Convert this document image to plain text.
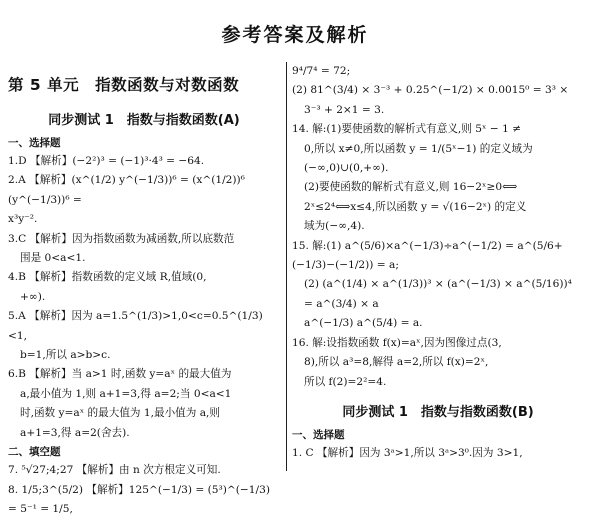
参考答案及解析
第 5 单元　指数函数与对数函数
同步测试 1　指数与指数函数(A)
一、选择题
1.D 【解析】(−2²)³ = (−1)³·4³ = −64.
2.A 【解析】(x^(1/2) y^(−1/3))⁶ = (x^(1/2))⁶ (y^(−1/3))⁶ =
x³y⁻².
3.C 【解析】因为指数函数为减函数,所以底数范
围是 0<a<1.
4.B 【解析】指数函数的定义域 R,值域(0,
+∞).
5.A 【解析】因为 a=1.5^(1/3)>1,0<c=0.5^(1/3)<1,
b=1,所以 a>b>c.
6.B 【解析】当 a>1 时,函数 y=aˣ 的最大值为
a,最小值为 1,则 a+1=3,得 a=2;当 0<a<1
时,函数 y=aˣ 的最大值为 1,最小值为 a,则
a+1=3,得 a=2(舍去).
二、填空题
7. ⁵√27;4;27 【解析】由 n 次方根定义可知.
8. 1/5;3^(5/2) 【解析】125^(−1/3) = (5³)^(−1/3) = 5⁻¹ = 1/5,
9⁴/7⁴ = 72;
(2) 81^(3/4) × 3⁻³ + 0.25^(−1/2) × 0.0015⁰ = 3³ ×
3⁻³ + 2×1 = 3.
14. 解:(1)要使函数的解析式有意义,则 5ˣ − 1 ≠
0,所以 x≠0,所以函数 y = 1/(5ˣ−1) 的定义域为
(−∞,0)∪(0,+∞).
(2)要使函数的解析式有意义,则 16−2ˣ≥0⟺
2ˣ≤2⁴⟺x≤4,所以函数 y = √(16−2ˣ) 的定义
域为(−∞,4).
15. 解:(1) a^(5/6)×a^(−1/3)÷a^(−1/2) = a^(5/6+(−1/3)−(−1/2)) = a;
(2) (a^(1/4) × a^(1/3))³ × (a^(−1/3) × a^(5/16))⁴ = a^(3/4) × a
a^(−1/3) a^(5/4) = a.
16. 解:设指数函数 f(x)=aˣ,因为图像过点(3,
8),所以 a³=8,解得 a=2,所以 f(x)=2ˣ,
所以 f(2)=2²=4.
同步测试 1　指数与指数函数(B)
一、选择题
1. C 【解析】因为 3ᵃ>1,所以 3ᵃ>3⁰.因为 3>1,
